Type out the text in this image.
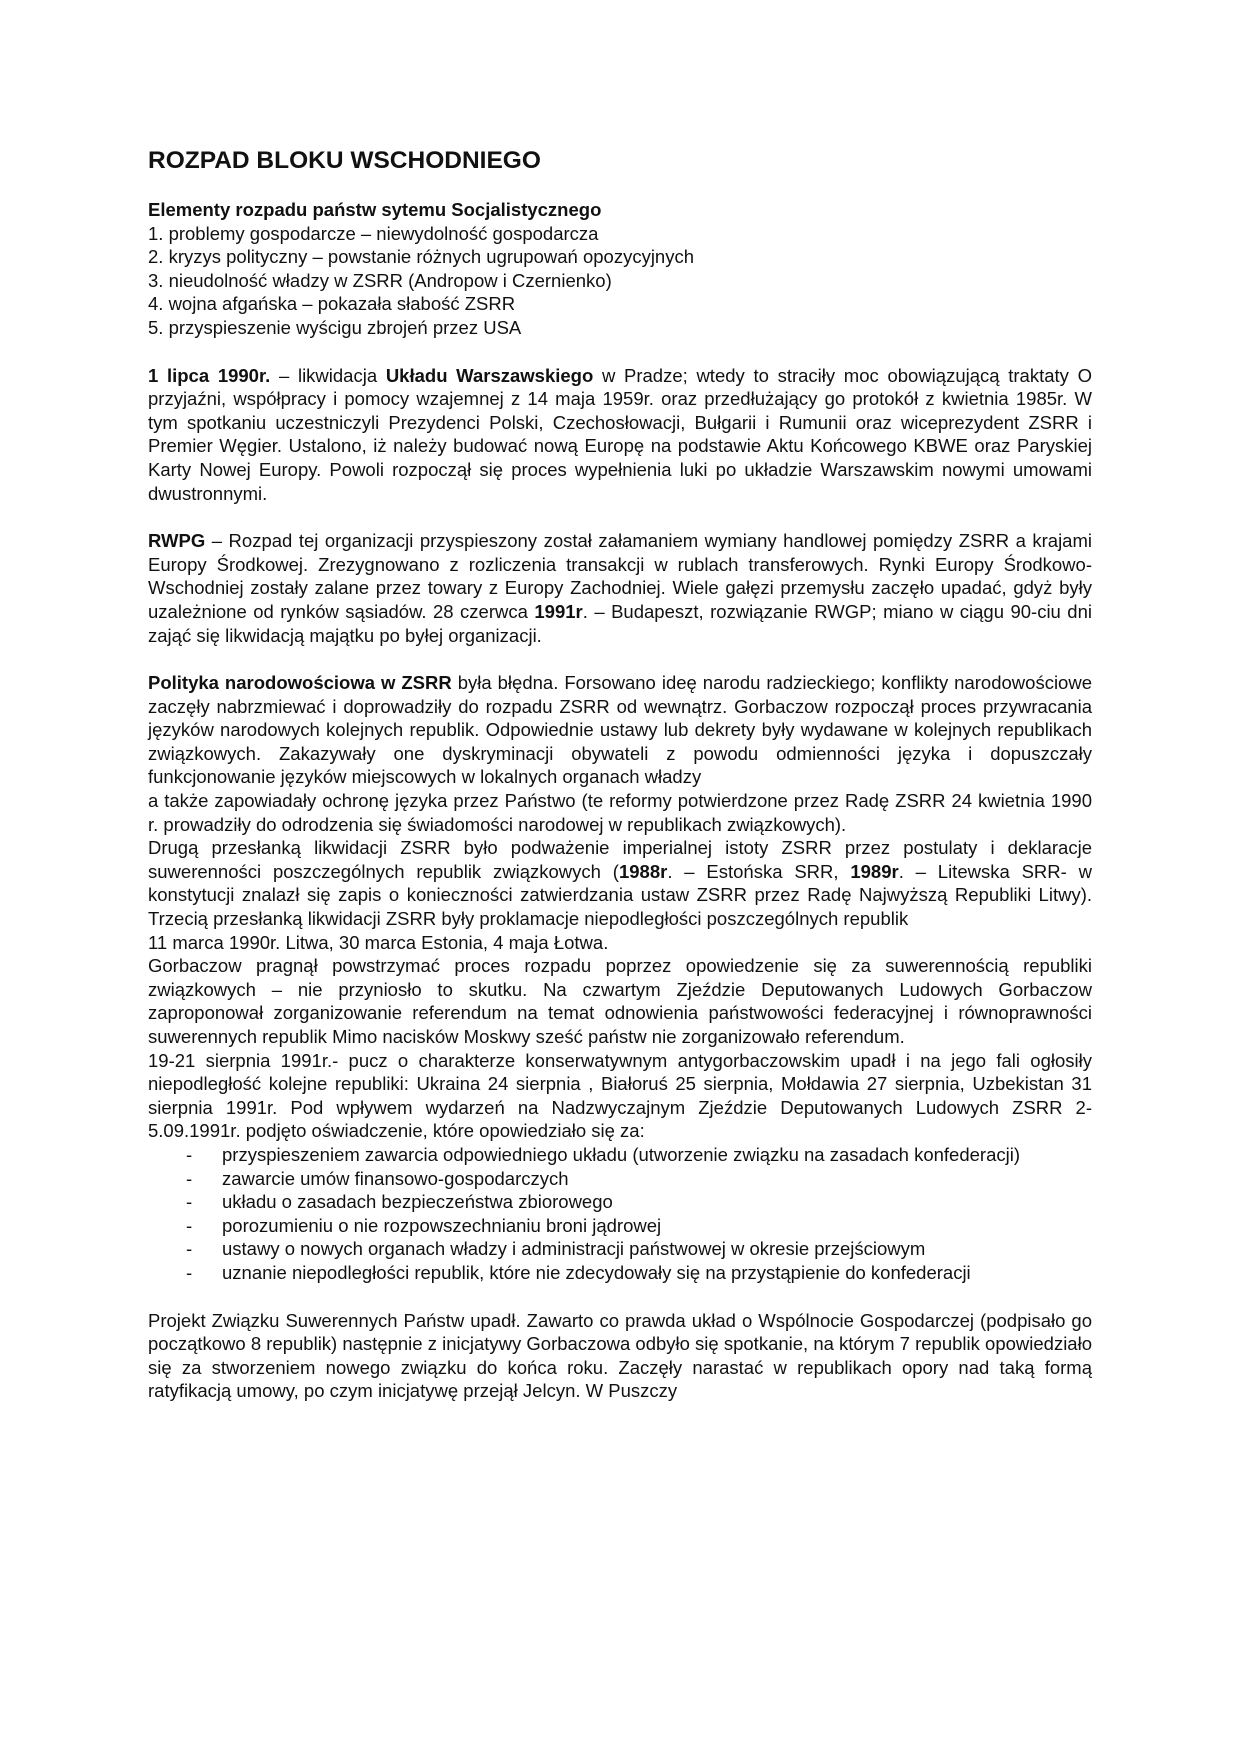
ROZPAD BLOKU WSCHODNIEGO
Elementy rozpadu państw sytemu Socjalistycznego
1. problemy gospodarcze – niewydolność gospodarcza
2. kryzys polityczny – powstanie różnych ugrupowań opozycyjnych
3. nieudolność władzy w ZSRR (Andropow i Czernienko)
4. wojna afgańska – pokazała słabość ZSRR
5. przyspieszenie wyścigu zbrojeń przez USA

1 lipca 1990r. – likwidacja Układu Warszawskiego w Pradze; wtedy to straciły moc obowiązującą traktaty O przyjaźni, współpracy i pomocy wzajemnej z 14 maja 1959r. oraz przedłużający go protokół z kwietnia 1985r. W tym spotkaniu uczestniczyli Prezydenci Polski, Czechosłowacji, Bułgarii i Rumunii oraz wiceprezydent ZSRR i Premier Węgier. Ustalono, iż należy budować nową Europę na podstawie Aktu Końcowego KBWE oraz Paryskiej Karty Nowej Europy. Powoli rozpoczął się proces wypełnienia luki po układzie Warszawskim nowymi umowami dwustronnymi.

RWPG – Rozpad tej organizacji przyspieszony został załamaniem wymiany handlowej pomiędzy ZSRR a krajami Europy Środkowej. Zrezygnowano z rozliczenia transakcji w rublach transferowych. Rynki Europy Środkowo-Wschodniej zostały zalane przez towary z Europy Zachodniej. Wiele gałęzi przemysłu zaczęło upadać, gdyż były uzależnione od rynków sąsiadów. 28 czerwca 1991r. – Budapeszt, rozwiązanie RWGP; miano w ciągu 90-ciu dni zająć się likwidacją majątku po byłej organizacji.

Polityka narodowościowa w ZSRR była błędna. Forsowano ideę narodu radzieckiego; konflikty narodowościowe zaczęły nabrzmiewać i doprowadziły do rozpadu ZSRR od wewnątrz. Gorbaczow rozpoczął proces przywracania języków narodowych kolejnych republik. Odpowiednie ustawy lub dekrety były wydawane w kolejnych republikach związkowych. Zakazywały one dyskryminacji obywateli z powodu odmienności języka i dopuszczały funkcjonowanie języków miejscowych w lokalnych organach władzy

a także zapowiadały ochronę języka przez Państwo (te reformy potwierdzone przez Radę ZSRR 24 kwietnia 1990 r. prowadziły do odrodzenia się świadomości narodowej w republikach związkowych).

Drugą przesłanką likwidacji ZSRR było podważenie imperialnej istoty ZSRR przez postulaty i deklaracje suwerenności poszczególnych republik związkowych (1988r. – Estońska SRR, 1989r. – Litewska SRR- w konstytucji znalazł się zapis o konieczności zatwierdzania ustaw ZSRR przez Radę Najwyższą Republiki Litwy). Trzecią przesłanką likwidacji ZSRR były proklamacje niepodległości poszczególnych republik

11 marca 1990r. Litwa, 30 marca Estonia, 4 maja Łotwa.

Gorbaczow pragnął powstrzymać proces rozpadu poprzez opowiedzenie się za suwerennością republiki związkowych – nie przyniosło to skutku. Na czwartym Zjeździe Deputowanych Ludowych Gorbaczow zaproponował zorganizowanie referendum na temat odnowienia państwowości federacyjnej i równoprawności suwerennych republik Mimo nacisków Moskwy sześć państw nie zorganizowało referendum.

19-21 sierpnia 1991r.- pucz o charakterze konserwatywnym antygorbaczowskim upadł i na jego fali ogłosiły niepodległość kolejne republiki: Ukraina 24 sierpnia , Białoruś 25 sierpnia, Mołdawia 27 sierpnia, Uzbekistan 31 sierpnia 1991r. Pod wpływem wydarzeń na Nadzwyczajnym Zjeździe Deputowanych Ludowych ZSRR 2-5.09.1991r. podjęto oświadczenie, które opowiedziało się za:

- przyspieszeniem zawarcia odpowiedniego układu (utworzenie związku na zasadach konfederacji)
- zawarcie umów finansowo-gospodarczych
- układu o zasadach bezpieczeństwa zbiorowego
- porozumieniu o nie rozpowszechnianiu broni jądrowej
- ustawy o nowych organach władzy i administracji państwowej w okresie przejściowym
- uznanie niepodległości republik, które nie zdecydowały się na przystąpienie do konfederacji

Projekt Związku Suwerennych Państw upadł. Zawarto co prawda układ o Wspólnocie Gospodarczej (podpisało go początkowo 8 republik) następnie z inicjatywy Gorbaczowa odbyło się spotkanie, na którym 7 republik opowiedziało się za stworzeniem nowego związku do końca roku. Zaczęły narastać w republikach opory nad taką formą ratyfikacją umowy, po czym inicjatywę przejął Jelcyn. W Puszczy
